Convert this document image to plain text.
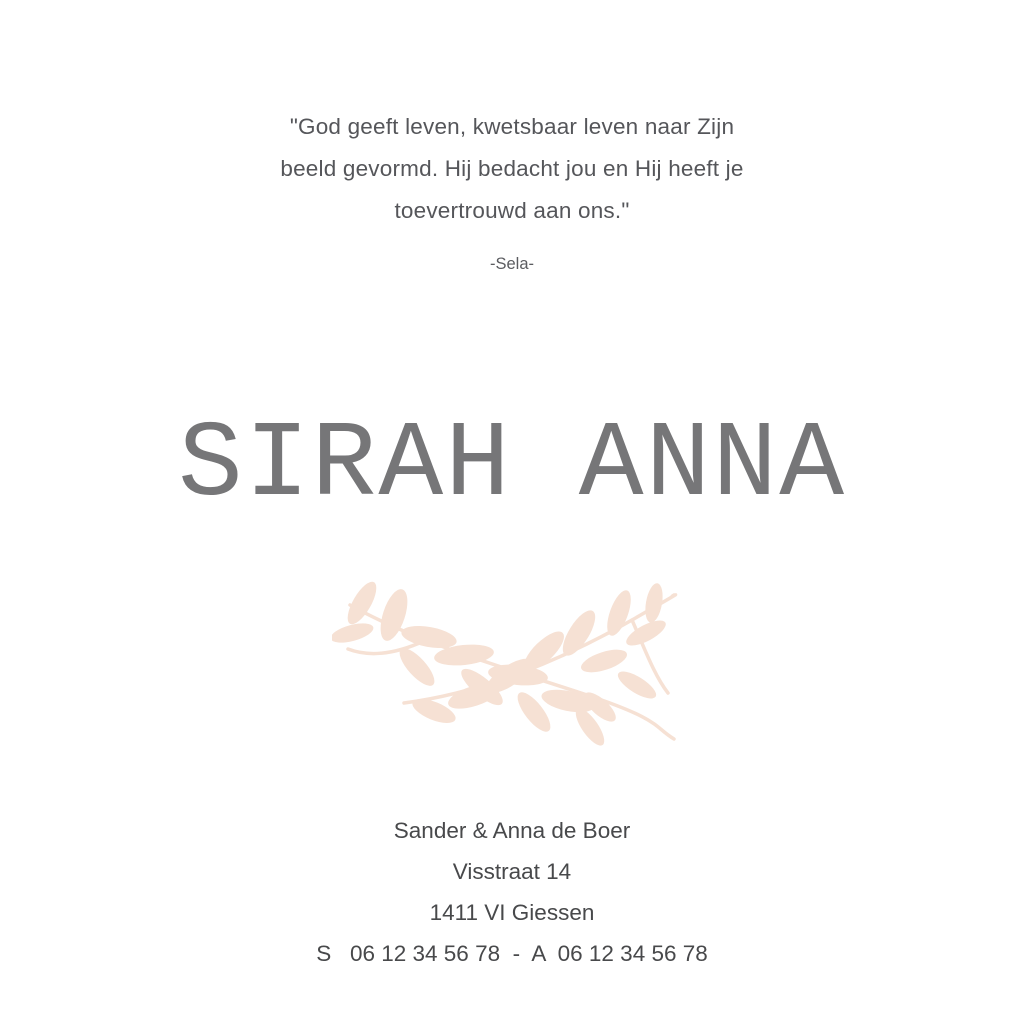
"God geeft leven, kwetsbaar leven naar Zijn
beeld gevormd. Hij bedacht jou en Hij heeft je
toevertrouwd aan ons."
-Sela-
SIRAH ANNA
Sander & Anna de Boer
Visstraat 14
1411 VI Giessen
S   06 12 34 56 78  -  A  06 12 34 56 78
